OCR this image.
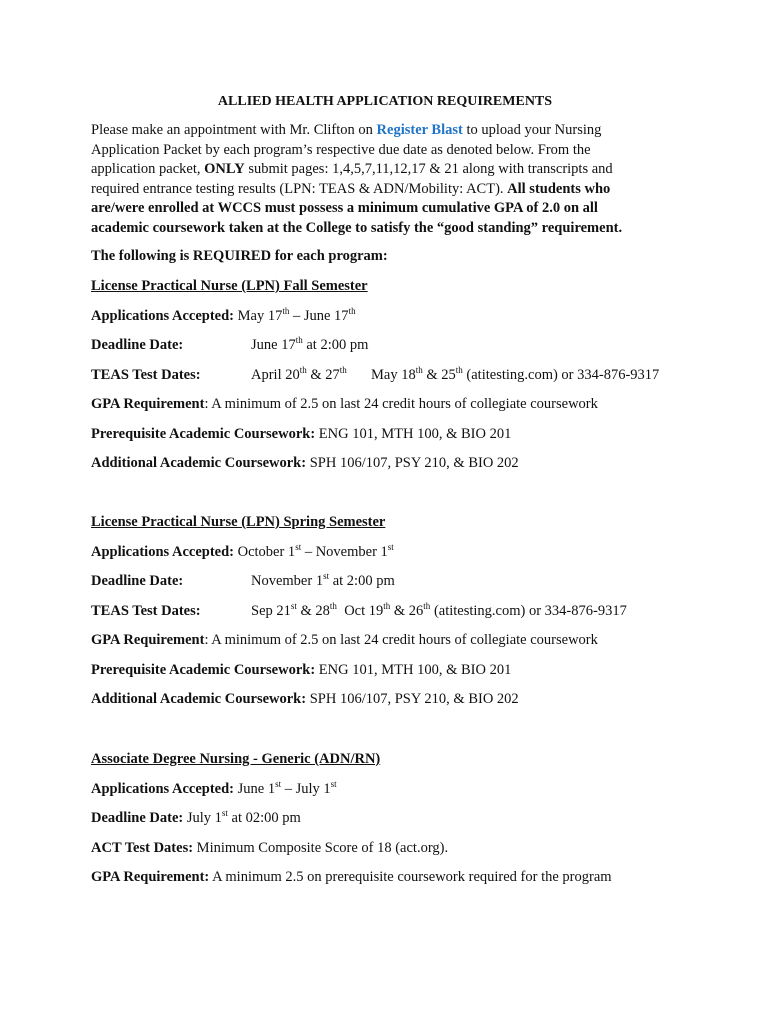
ALLIED HEALTH APPLICATION REQUIREMENTS
Please make an appointment with Mr. Clifton on Register Blast to upload your Nursing Application Packet by each program’s respective due date as denoted below. From the application packet, ONLY submit pages: 1,4,5,7,11,12,17 & 21 along with transcripts and required entrance testing results (LPN: TEAS & ADN/Mobility: ACT). All students who are/were enrolled at WCCS must possess a minimum cumulative GPA of 2.0 on all academic coursework taken at the College to satisfy the “good standing” requirement.
The following is REQUIRED for each program:
License Practical Nurse (LPN) Fall Semester
Applications Accepted: May 17th – June 17th
Deadline Date:	June 17th at 2:00 pm
TEAS Test Dates:	April 20th & 27th May 18th & 25th (atitesting.com) or 334-876-9317
GPA Requirement: A minimum of 2.5 on last 24 credit hours of collegiate coursework
Prerequisite Academic Coursework: ENG 101, MTH 100, & BIO 201
Additional Academic Coursework: SPH 106/107, PSY 210, & BIO 202
License Practical Nurse (LPN) Spring Semester
Applications Accepted: October 1st – November 1st
Deadline Date:	November 1st at 2:00 pm
TEAS Test Dates:	Sep 21st & 28th  Oct 19th & 26th (atitesting.com) or 334-876-9317
GPA Requirement: A minimum of 2.5 on last 24 credit hours of collegiate coursework
Prerequisite Academic Coursework: ENG 101, MTH 100, & BIO 201
Additional Academic Coursework: SPH 106/107, PSY 210, & BIO 202
Associate Degree Nursing - Generic (ADN/RN)
Applications Accepted: June 1st – July 1st
Deadline Date: July 1st at 02:00 pm
ACT Test Dates: Minimum Composite Score of 18 (act.org).
GPA Requirement: A minimum 2.5 on prerequisite coursework required for the program
